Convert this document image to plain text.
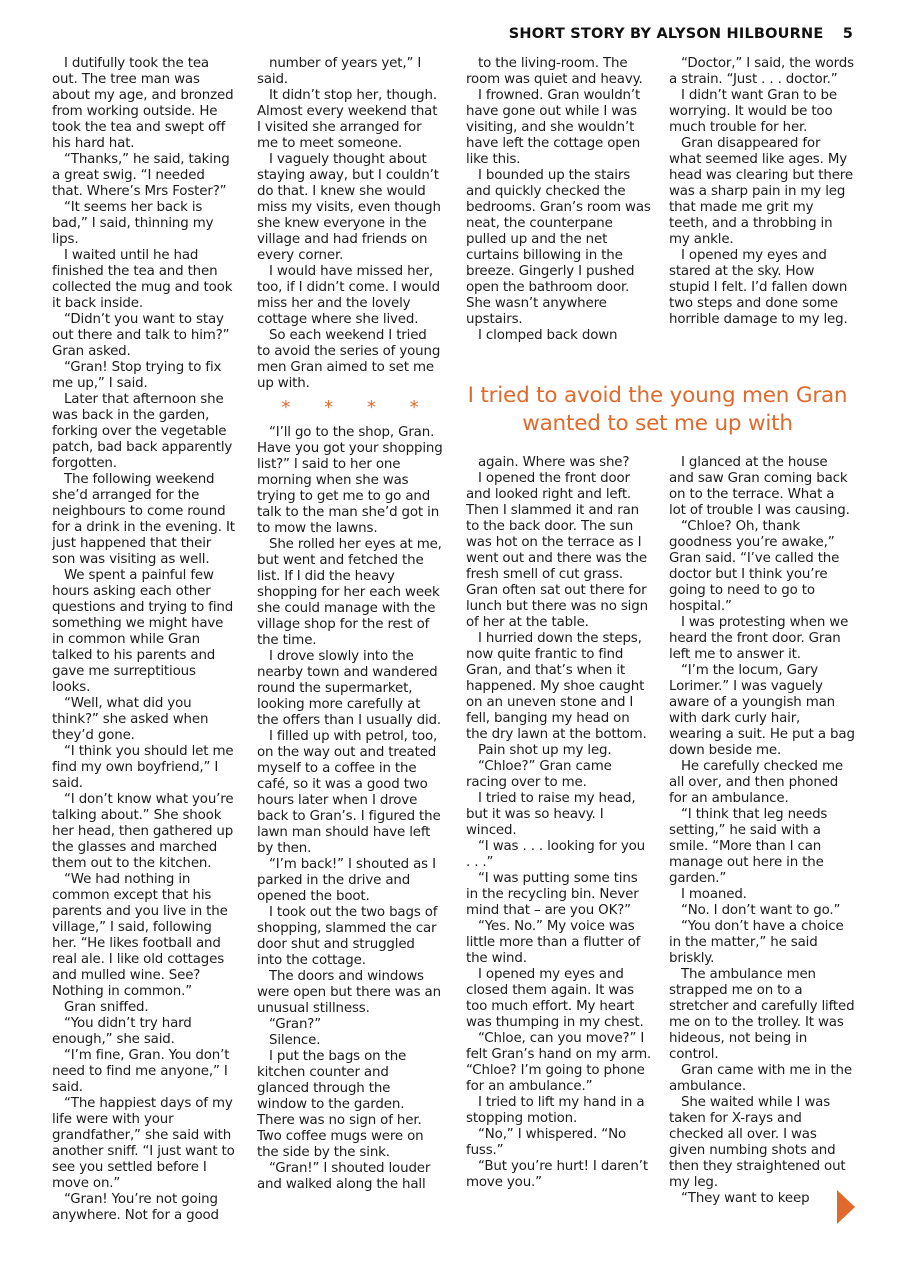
SHORT STORY BY ALYSON HILBOURNE 5

I dutifully took the tea out. The tree man was about my age, and bronzed from working outside. He took the tea and swept off his hard hat.

“Thanks,” he said, taking a great swig. “I needed that. Where’s Mrs Foster?”

“It seems her back is bad,” I said, thinning my lips.

I waited until he had finished the tea and then collected the mug and took it back inside.

“Didn’t you want to stay out there and talk to him?” Gran asked.

“Gran! Stop trying to fix me up,” I said.

Later that afternoon she was back in the garden, forking over the vegetable patch, bad back apparently forgotten.

The following weekend she’d arranged for the neighbours to come round for a drink in the evening. It just happened that their son was visiting as well.

We spent a painful few hours asking each other questions and trying to find something we might have in common while Gran talked to his parents and gave me surreptitious looks.

“Well, what did you think?” she asked when they’d gone.

“I think you should let me find my own boyfriend,” I said.

“I don’t know what you’re talking about.” She shook her head, then gathered up the glasses and marched them out to the kitchen.

“We had nothing in common except that his parents and you live in the village,” I said, following her. “He likes football and real ale. I like old cottages and mulled wine. See? Nothing in common.”

Gran sniffed.

“You didn’t try hard enough,” she said.

“I’m fine, Gran. You don’t need to find me anyone,” I said.

“The happiest days of my life were with your grandfather,” she said with another sniff. “I just want to see you settled before I move on.”

“Gran! You’re not going anywhere. Not for a good

number of years yet,” I said.

It didn’t stop her, though. Almost every weekend that I visited she arranged for me to meet someone.

I vaguely thought about staying away, but I couldn’t do that. I knew she would miss my visits, even though she knew everyone in the village and had friends on every corner.

I would have missed her, too, if I didn’t come. I would miss her and the lovely cottage where she lived.

So each weekend I tried to avoid the series of young men Gran aimed to set me up with.

* * * *

“I’ll go to the shop, Gran. Have you got your shopping list?” I said to her one morning when she was trying to get me to go and talk to the man she’d got in to mow the lawns.

She rolled her eyes at me, but went and fetched the list. If I did the heavy shopping for her each week she could manage with the village shop for the rest of the time.

I drove slowly into the nearby town and wandered round the supermarket, looking more carefully at the offers than I usually did.

I filled up with petrol, too, on the way out and treated myself to a coffee in the café, so it was a good two hours later when I drove back to Gran’s. I figured the lawn man should have left by then.

“I’m back!” I shouted as I parked in the drive and opened the boot.

I took out the two bags of shopping, slammed the car door shut and struggled into the cottage.

The doors and windows were open but there was an unusual stillness.

“Gran?”

Silence.

I put the bags on the kitchen counter and glanced through the window to the garden. There was no sign of her. Two coffee mugs were on the side by the sink.

“Gran!” I shouted louder and walked along the hall

to the living-room. The room was quiet and heavy.

I frowned. Gran wouldn’t have gone out while I was visiting, and she wouldn’t have left the cottage open like this.

I bounded up the stairs and quickly checked the bedrooms. Gran’s room was neat, the counterpane pulled up and the net curtains billowing in the breeze. Gingerly I pushed open the bathroom door. She wasn’t anywhere upstairs.

I clomped back down

“Doctor,” I said, the words a strain. “Just . . . doctor.”

I didn’t want Gran to be worrying. It would be too much trouble for her.

Gran disappeared for what seemed like ages. My head was clearing but there was a sharp pain in my leg that made me grit my teeth, and a throbbing in my ankle.

I opened my eyes and stared at the sky. How stupid I felt. I’d fallen down two steps and done some horrible damage to my leg.

I tried to avoid the young men Gran wanted to set me up with

again. Where was she?

I opened the front door and looked right and left. Then I slammed it and ran to the back door. The sun was hot on the terrace as I went out and there was the fresh smell of cut grass. Gran often sat out there for lunch but there was no sign of her at the table.

I hurried down the steps, now quite frantic to find Gran, and that’s when it happened. My shoe caught on an uneven stone and I fell, banging my head on the dry lawn at the bottom.

Pain shot up my leg.

“Chloe?” Gran came racing over to me.

I tried to raise my head, but it was so heavy. I winced.

“I was . . . looking for you . . .”

“I was putting some tins in the recycling bin. Never mind that – are you OK?”

“Yes. No.” My voice was little more than a flutter of the wind.

I opened my eyes and closed them again. It was too much effort. My heart was thumping in my chest.

“Chloe, can you move?” I felt Gran’s hand on my arm. “Chloe? I’m going to phone for an ambulance.”

I tried to lift my hand in a stopping motion.

“No,” I whispered. “No fuss.”

“But you’re hurt! I daren’t move you.”

I glanced at the house and saw Gran coming back on to the terrace. What a lot of trouble I was causing.

“Chloe? Oh, thank goodness you’re awake,” Gran said. “I’ve called the doctor but I think you’re going to need to go to hospital.”

I was protesting when we heard the front door. Gran left me to answer it.

“I’m the locum, Gary Lorimer.” I was vaguely aware of a youngish man with dark curly hair, wearing a suit. He put a bag down beside me.

He carefully checked me all over, and then phoned for an ambulance.

“I think that leg needs setting,” he said with a smile. “More than I can manage out here in the garden.”

I moaned.

“No. I don’t want to go.”

“You don’t have a choice in the matter,” he said briskly.

The ambulance men strapped me on to a stretcher and carefully lifted me on to the trolley. It was hideous, not being in control.

Gran came with me in the ambulance.

She waited while I was taken for X-rays and checked all over. I was given numbing shots and then they straightened out my leg.

“They want to keep
